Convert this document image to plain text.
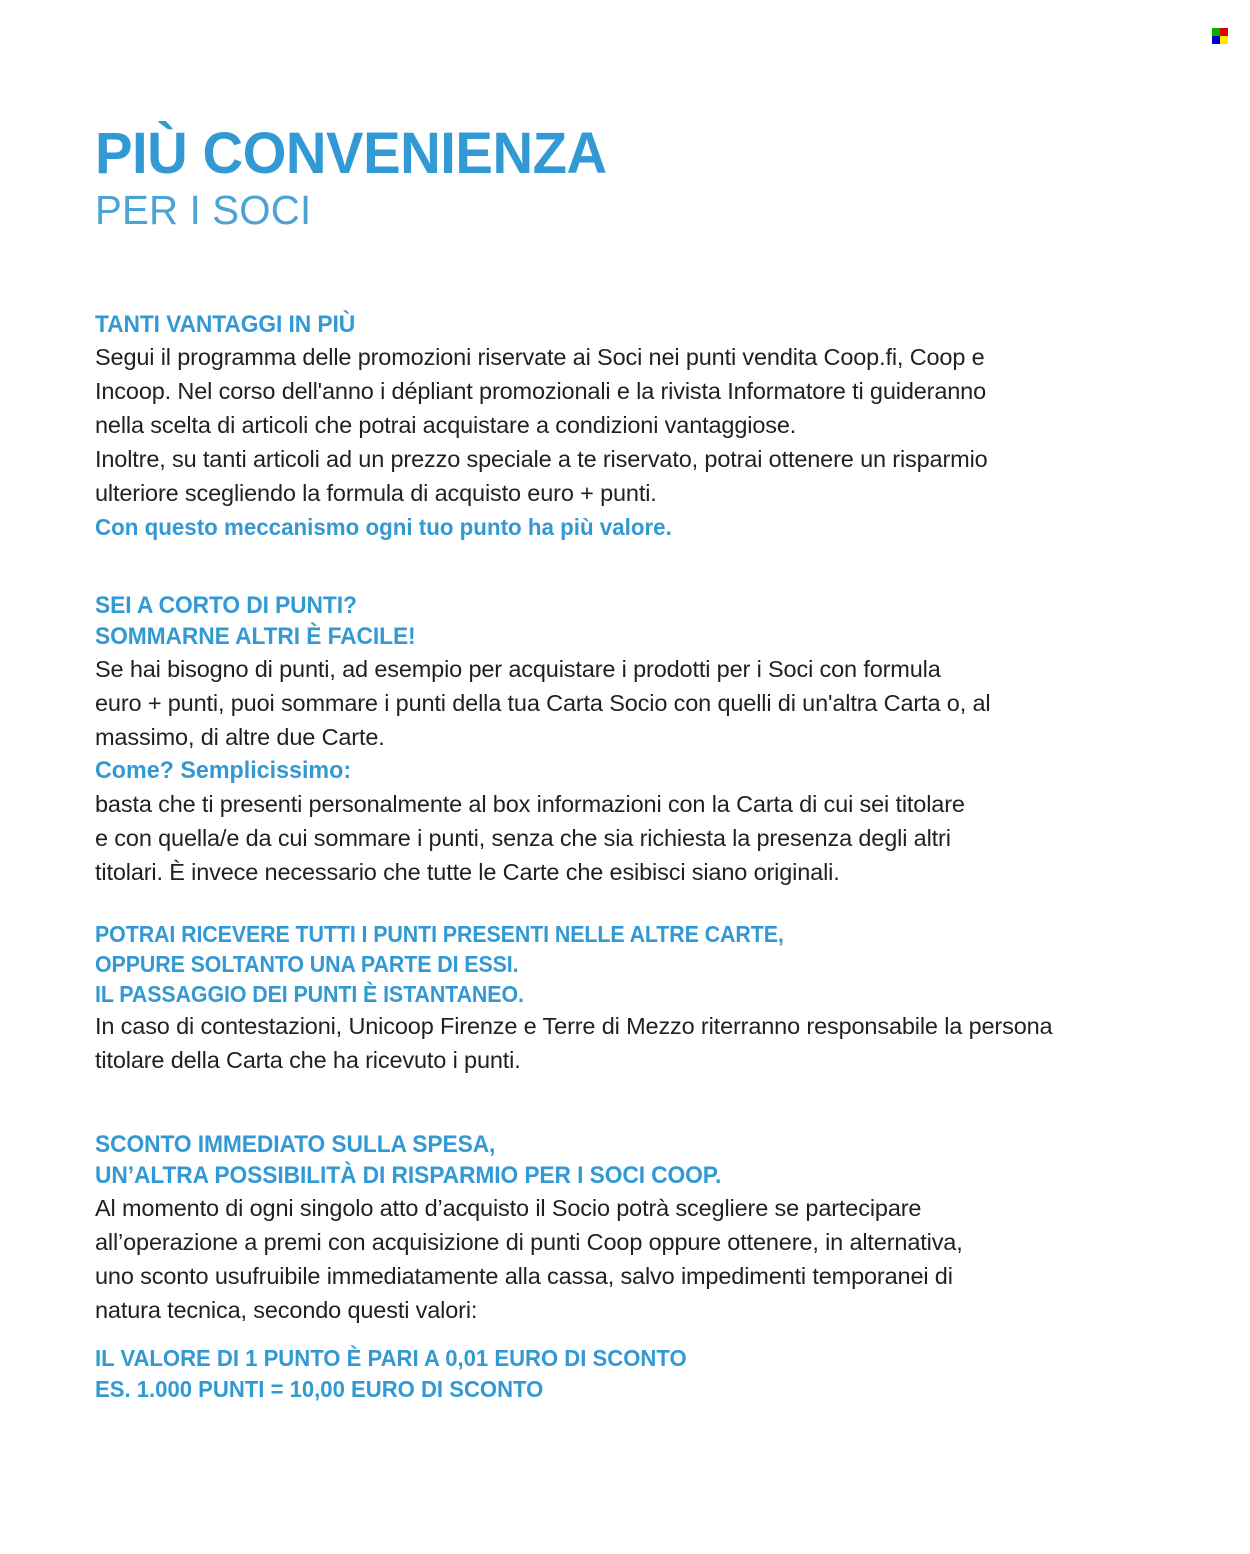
PIÙ CONVENIENZA
PER I SOCI

TANTI VANTAGGI IN PIÙ

Segui il programma delle promozioni riservate ai Soci nei punti vendita Coop.fi, Coop e
Incoop. Nel corso dell'anno i dépliant promozionali e la rivista Informatore ti guideranno
nella scelta di articoli che potrai acquistare a condizioni vantaggiose.
Inoltre, su tanti articoli ad un prezzo speciale a te riservato, potrai ottenere un risparmio
ulteriore scegliendo la formula di acquisto euro + punti.

Con questo meccanismo ogni tuo punto ha più valore.

SEI A CORTO DI PUNTI?

SOMMARNE ALTRI È FACILE!

Se hai bisogno di punti, ad esempio per acquistare i prodotti per i Soci con formula
euro + punti, puoi sommare i punti della tua Carta Socio con quelli di un'altra Carta o, al
massimo, di altre due Carte.

Come? Semplicissimo:

basta che ti presenti personalmente al box informazioni con la Carta di cui sei titolare
e con quella/e da cui sommare i punti, senza che sia richiesta la presenza degli altri
titolari. È invece necessario che tutte le Carte che esibisci siano originali.

POTRAI RICEVERE TUTTI I PUNTI PRESENTI NELLE ALTRE CARTE,
OPPURE SOLTANTO UNA PARTE DI ESSI.
IL PASSAGGIO DEI PUNTI È ISTANTANEO.

In caso di contestazioni, Unicoop Firenze e Terre di Mezzo riterranno responsabile la persona
titolare della Carta che ha ricevuto i punti.

SCONTO IMMEDIATO SULLA SPESA,

UN’ALTRA POSSIBILITÀ DI RISPARMIO PER I SOCI COOP.

Al momento di ogni singolo atto d’acquisto il Socio potrà scegliere se partecipare
all’operazione a premi con acquisizione di punti Coop oppure ottenere, in alternativa,
uno sconto usufruibile immediatamente alla cassa, salvo impedimenti temporanei di
natura tecnica, secondo questi valori:

IL VALORE DI 1 PUNTO È PARI A 0,01 EURO DI SCONTO
ES. 1.000 PUNTI = 10,00 EURO DI SCONTO
